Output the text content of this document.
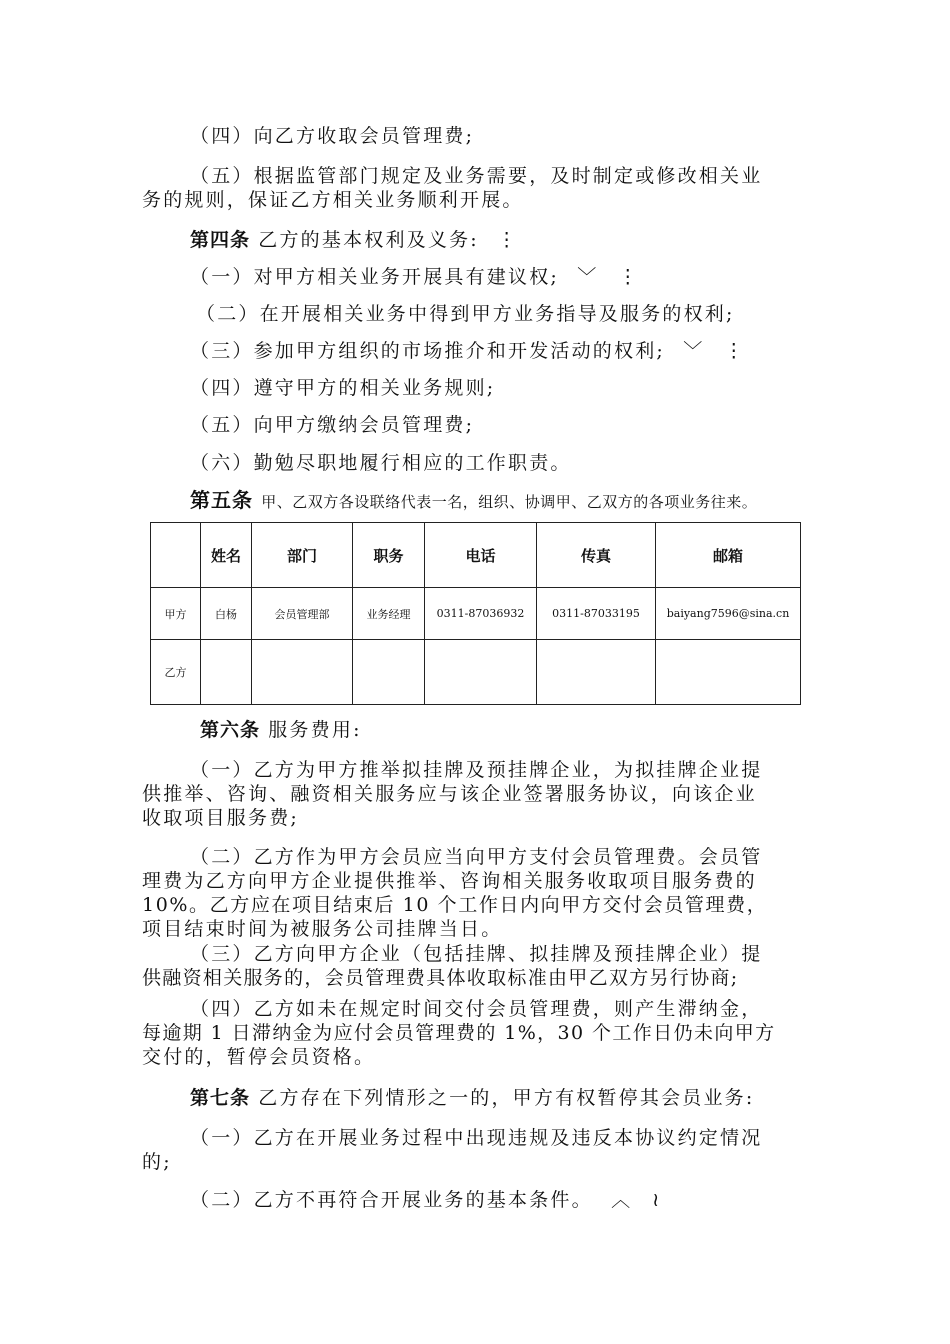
（四）向乙方收取会员管理费;
（五）根据监管部门规定及业务需要，及时制定或修改相关业
务的规则，保证乙方相关业务顺利开展。
第四条 乙方的基本权利及义务: ⋮
（一）对甲方相关业务开展具有建议权; ﹀ ⋮
（二）在开展相关业务中得到甲方业务指导及服务的权利;
（三）参加甲方组织的市场推介和开发活动的权利; ﹀ ⋮
（四）遵守甲方的相关业务规则;
（五）向甲方缴纳会员管理费;
（六）勤勉尽职地履行相应的工作职责。
第五条 甲、乙双方各设联络代表一名，组织、协调甲、乙双方的各项业务往来。
	姓名	部门	职务	电话	传真	邮箱
甲方	白杨	会员管理部	业务经理	0311-87036932	0311-87033195	baiyang7596@sina.cn
乙方						
第六条 服务费用:
（一）乙方为甲方推举拟挂牌及预挂牌企业，为拟挂牌企业提
供推举、咨询、融资相关服务应与该企业签署服务协议，向该企业
收取项目服务费;
（二）乙方作为甲方会员应当向甲方支付会员管理费。会员管
理费为乙方向甲方企业提供推举、咨询相关服务收取项目服务费的
10%。乙方应在项目结束后 10 个工作日内向甲方交付会员管理费，
项目结束时间为被服务公司挂牌当日。
（三）乙方向甲方企业（包括挂牌、拟挂牌及预挂牌企业）提
供融资相关服务的，会员管理费具体收取标准由甲乙双方另行协商;
（四）乙方如未在规定时间交付会员管理费，则产生滞纳金，
每逾期 1 日滞纳金为应付会员管理费的 1%，30 个工作日仍未向甲方
交付的，暂停会员资格。
第七条 乙方存在下列情形之一的，甲方有权暂停其会员业务:
（一）乙方在开展业务过程中出现违规及违反本协议约定情况
的;
（二）乙方不再符合开展业务的基本条件。 ︿ ≀
